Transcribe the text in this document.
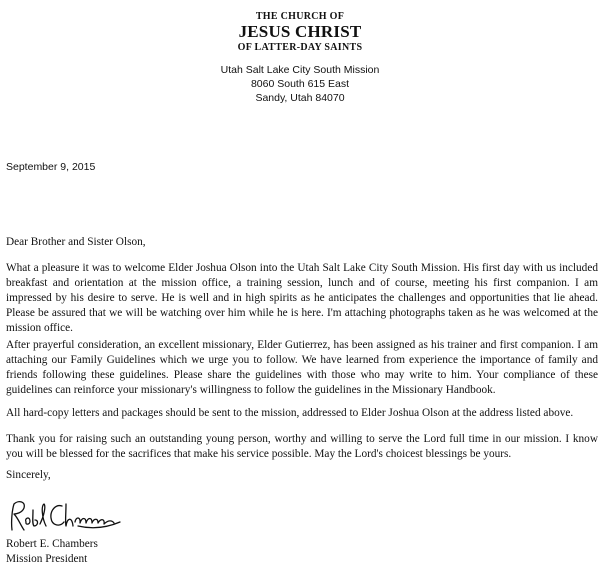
THE CHURCH OF
JESUS CHRIST
OF LATTER-DAY SAINTS
Utah Salt Lake City South Mission
8060 South 615 East
Sandy, Utah 84070
September 9, 2015
Dear Brother and Sister Olson,
What a pleasure it was to welcome Elder Joshua Olson into the Utah Salt Lake City South Mission. His first day with us included breakfast and orientation at the mission office, a training session, lunch and of course, meeting his first companion. I am impressed by his desire to serve. He is well and in high spirits as he anticipates the challenges and opportunities that lie ahead. Please be assured that we will be watching over him while he is here. I'm attaching photographs taken as he was welcomed at the mission office.
After prayerful consideration, an excellent missionary, Elder Gutierrez, has been assigned as his trainer and first companion. I am attaching our Family Guidelines which we urge you to follow. We have learned from experience the importance of family and friends following these guidelines. Please share the guidelines with those who may write to him. Your compliance of these guidelines can reinforce your missionary's willingness to follow the guidelines in the Missionary Handbook.
All hard-copy letters and packages should be sent to the mission, addressed to Elder Joshua Olson at the address listed above.
Thank you for raising such an outstanding young person, worthy and willing to serve the Lord full time in our mission. I know you will be blessed for the sacrifices that make his service possible. May the Lord's choicest blessings be yours.
Sincerely,
Robert E. Chambers
Mission President
